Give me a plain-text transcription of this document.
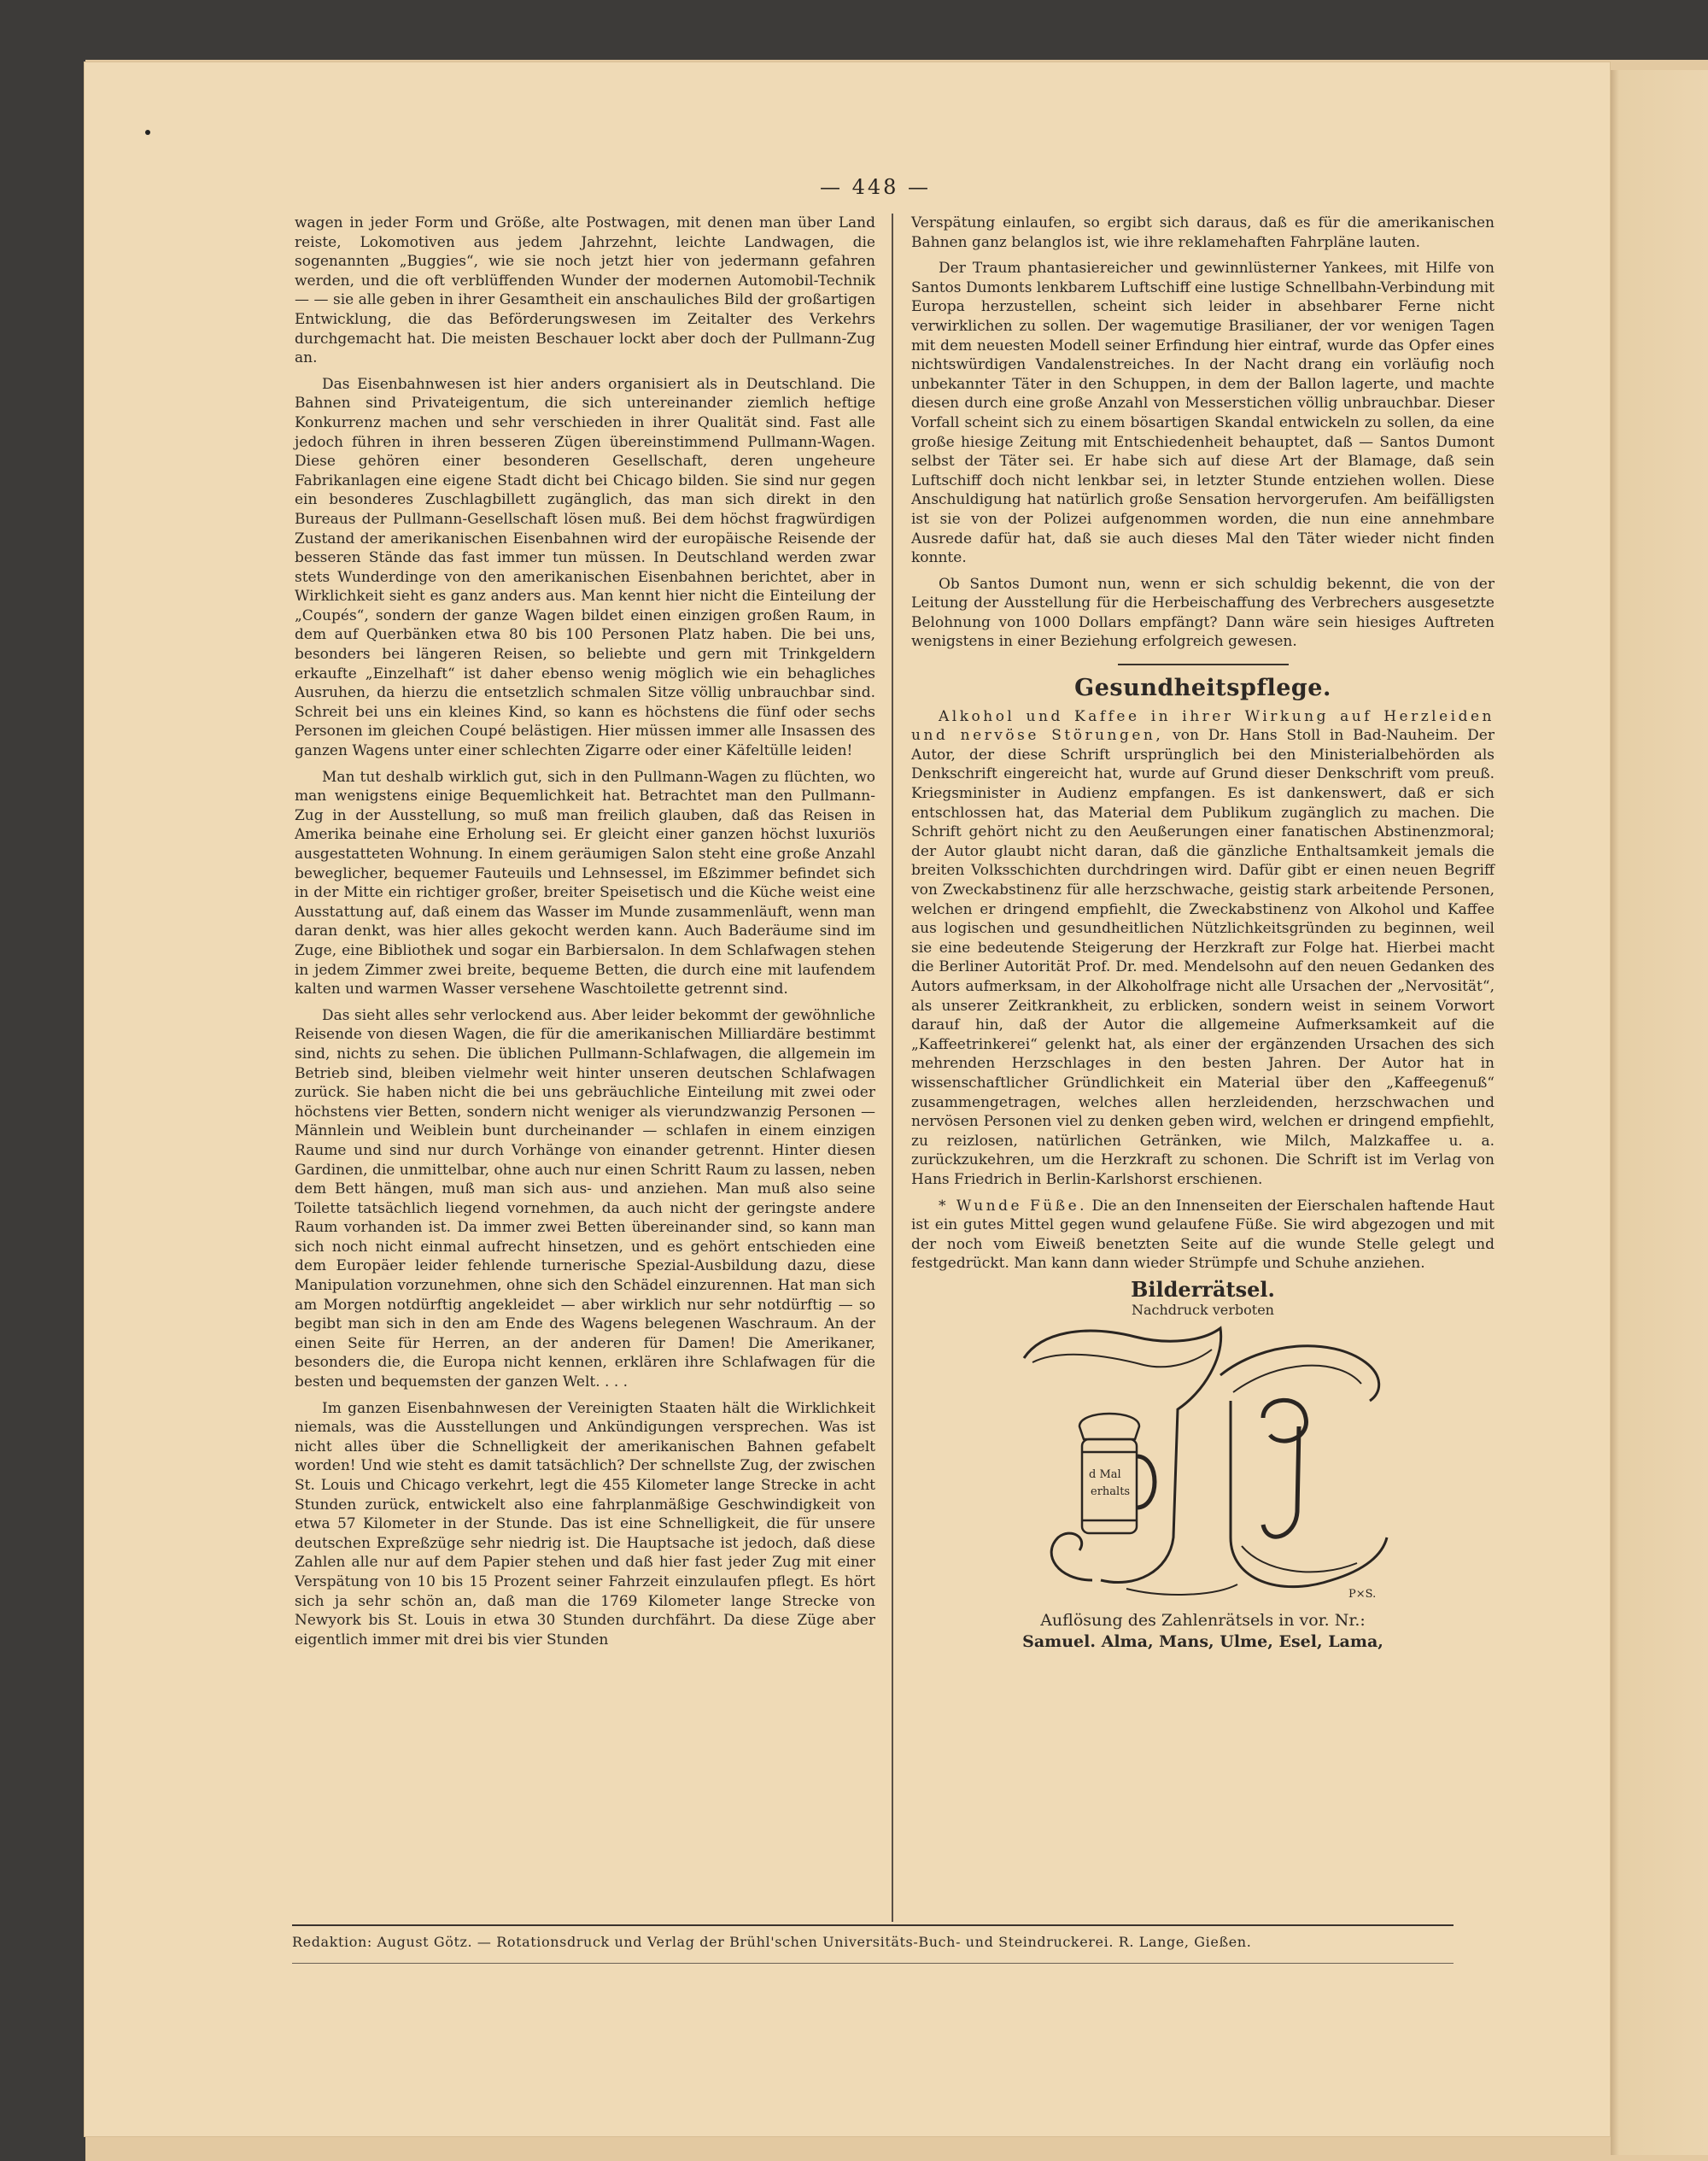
— 448 —

wagen in jeder Form und Größe, alte Postwagen, mit denen man über Land reiste, Lokomotiven aus jedem Jahrzehnt, leichte Landwagen, die sogenannten „Buggies“, wie sie noch jetzt hier von jedermann gefahren werden, und die oft verblüffenden Wunder der modernen Automobil-Technik — — sie alle geben in ihrer Gesamtheit ein anschauliches Bild der großartigen Entwicklung, die das Beförderungswesen im Zeitalter des Verkehrs durchgemacht hat. Die meisten Beschauer lockt aber doch der Pullmann-Zug an.

Das Eisenbahnwesen ist hier anders organisiert als in Deutschland. Die Bahnen sind Privateigentum, die sich untereinander ziemlich heftige Konkurrenz machen und sehr verschieden in ihrer Qualität sind. Fast alle jedoch führen in ihren besseren Zügen übereinstimmend Pullmann-Wagen. Diese gehören einer besonderen Gesellschaft, deren ungeheure Fabrikanlagen eine eigene Stadt dicht bei Chicago bilden. Sie sind nur gegen ein besonderes Zuschlagbillett zugänglich, das man sich direkt in den Bureaus der Pullmann-Gesellschaft lösen muß. Bei dem höchst fragwürdigen Zustand der amerikanischen Eisenbahnen wird der europäische Reisende der besseren Stände das fast immer tun müssen. In Deutschland werden zwar stets Wunderdinge von den amerikanischen Eisenbahnen berichtet, aber in Wirklichkeit sieht es ganz anders aus. Man kennt hier nicht die Einteilung der „Coupés“, sondern der ganze Wagen bildet einen einzigen großen Raum, in dem auf Querbänken etwa 80 bis 100 Personen Platz haben. Die bei uns, besonders bei längeren Reisen, so beliebte und gern mit Trinkgeldern erkaufte „Einzelhaft“ ist daher ebenso wenig möglich wie ein behagliches Ausruhen, da hierzu die entsetzlich schmalen Sitze völlig unbrauchbar sind. Schreit bei uns ein kleines Kind, so kann es höchstens die fünf oder sechs Personen im gleichen Coupé belästigen. Hier müssen immer alle Insassen des ganzen Wagens unter einer schlechten Zigarre oder einer Käfeltülle leiden!

Man tut deshalb wirklich gut, sich in den Pullmann-Wagen zu flüchten, wo man wenigstens einige Bequemlichkeit hat. Betrachtet man den Pullmann-Zug in der Ausstellung, so muß man freilich glauben, daß das Reisen in Amerika beinahe eine Erholung sei. Er gleicht einer ganzen höchst luxuriös ausgestatteten Wohnung. In einem geräumigen Salon steht eine große Anzahl beweglicher, bequemer Fauteuils und Lehnsessel, im Eßzimmer befindet sich in der Mitte ein richtiger großer, breiter Speisetisch und die Küche weist eine Ausstattung auf, daß einem das Wasser im Munde zusammenläuft, wenn man daran denkt, was hier alles gekocht werden kann. Auch Baderäume sind im Zuge, eine Bibliothek und sogar ein Barbiersalon. In dem Schlafwagen stehen in jedem Zimmer zwei breite, bequeme Betten, die durch eine mit laufendem kalten und warmen Wasser versehene Waschtoilette getrennt sind.

Das sieht alles sehr verlockend aus. Aber leider bekommt der gewöhnliche Reisende von diesen Wagen, die für die amerikanischen Milliardäre bestimmt sind, nichts zu sehen. Die üblichen Pullmann-Schlafwagen, die allgemein im Betrieb sind, bleiben vielmehr weit hinter unseren deutschen Schlafwagen zurück. Sie haben nicht die bei uns gebräuchliche Einteilung mit zwei oder höchstens vier Betten, sondern nicht weniger als vierundzwanzig Personen — Männlein und Weiblein bunt durcheinander — schlafen in einem einzigen Raume und sind nur durch Vorhänge von einander getrennt. Hinter diesen Gardinen, die unmittelbar, ohne auch nur einen Schritt Raum zu lassen, neben dem Bett hängen, muß man sich aus- und anziehen. Man muß also seine Toilette tatsächlich liegend vornehmen, da auch nicht der geringste andere Raum vorhanden ist. Da immer zwei Betten übereinander sind, so kann man sich noch nicht einmal aufrecht hinsetzen, und es gehört entschieden eine dem Europäer leider fehlende turnerische Spezial-Ausbildung dazu, diese Manipulation vorzunehmen, ohne sich den Schädel einzurennen. Hat man sich am Morgen notdürftig angekleidet — aber wirklich nur sehr notdürftig — so begibt man sich in den am Ende des Wagens belegenen Waschraum. An der einen Seite für Herren, an der anderen für Damen! Die Amerikaner, besonders die, die Europa nicht kennen, erklären ihre Schlafwagen für die besten und bequemsten der ganzen Welt. . . .

Im ganzen Eisenbahnwesen der Vereinigten Staaten hält die Wirklichkeit niemals, was die Ausstellungen und Ankündigungen versprechen. Was ist nicht alles über die Schnelligkeit der amerikanischen Bahnen gefabelt worden! Und wie steht es damit tatsächlich? Der schnellste Zug, der zwischen St. Louis und Chicago verkehrt, legt die 455 Kilometer lange Strecke in acht Stunden zurück, entwickelt also eine fahrplanmäßige Geschwindigkeit von etwa 57 Kilometer in der Stunde. Das ist eine Schnelligkeit, die für unsere deutschen Expreßzüge sehr niedrig ist. Die Hauptsache ist jedoch, daß diese Zahlen alle nur auf dem Papier stehen und daß hier fast jeder Zug mit einer Verspätung von 10 bis 15 Prozent seiner Fahrzeit einzulaufen pflegt. Es hört sich ja sehr schön an, daß man die 1769 Kilometer lange Strecke von Newyork bis St. Louis in etwa 30 Stunden durchfährt. Da diese Züge aber eigentlich immer mit drei bis vier Stunden

Verspätung einlaufen, so ergibt sich daraus, daß es für die amerikanischen Bahnen ganz belanglos ist, wie ihre reklamehaften Fahrpläne lauten.

Der Traum phantasiereicher und gewinnlüsterner Yankees, mit Hilfe von Santos Dumonts lenkbarem Luftschiff eine lustige Schnellbahn-Verbindung mit Europa herzustellen, scheint sich leider in absehbarer Ferne nicht verwirklichen zu sollen. Der wagemutige Brasilianer, der vor wenigen Tagen mit dem neuesten Modell seiner Erfindung hier eintraf, wurde das Opfer eines nichtswürdigen Vandalenstreiches. In der Nacht drang ein vorläufig noch unbekannter Täter in den Schuppen, in dem der Ballon lagerte, und machte diesen durch eine große Anzahl von Messerstichen völlig unbrauchbar. Dieser Vorfall scheint sich zu einem bösartigen Skandal entwickeln zu sollen, da eine große hiesige Zeitung mit Entschiedenheit behauptet, daß — Santos Dumont selbst der Täter sei. Er habe sich auf diese Art der Blamage, daß sein Luftschiff doch nicht lenkbar sei, in letzter Stunde entziehen wollen. Diese Anschuldigung hat natürlich große Sensation hervorgerufen. Am beifälligsten ist sie von der Polizei aufgenommen worden, die nun eine annehmbare Ausrede dafür hat, daß sie auch dieses Mal den Täter wieder nicht finden konnte.

Ob Santos Dumont nun, wenn er sich schuldig bekennt, die von der Leitung der Ausstellung für die Herbeischaffung des Verbrechers ausgesetzte Belohnung von 1000 Dollars empfängt? Dann wäre sein hiesiges Auftreten wenigstens in einer Beziehung erfolgreich gewesen.

Gesundheitspflege.

Alkohol und Kaffee in ihrer Wirkung auf Herzleiden und nervöse Störungen, von Dr. Hans Stoll in Bad-Nauheim. Der Autor, der diese Schrift ursprünglich bei den Ministerialbehörden als Denkschrift eingereicht hat, wurde auf Grund dieser Denkschrift vom preuß. Kriegsminister in Audienz empfangen. Es ist dankenswert, daß er sich entschlossen hat, das Material dem Publikum zugänglich zu machen. Die Schrift gehört nicht zu den Aeußerungen einer fanatischen Abstinenzmoral; der Autor glaubt nicht daran, daß die gänzliche Enthaltsamkeit jemals die breiten Volksschichten durchdringen wird. Dafür gibt er einen neuen Begriff von Zweckabstinenz für alle herzschwache, geistig stark arbeitende Personen, welchen er dringend empfiehlt, die Zweckabstinenz von Alkohol und Kaffee aus logischen und gesundheitlichen Nützlichkeitsgründen zu beginnen, weil sie eine bedeutende Steigerung der Herzkraft zur Folge hat. Hierbei macht die Berliner Autorität Prof. Dr. med. Mendelsohn auf den neuen Gedanken des Autors aufmerksam, in der Alkoholfrage nicht alle Ursachen der „Nervosität“, als unserer Zeitkrankheit, zu erblicken, sondern weist in seinem Vorwort darauf hin, daß der Autor die allgemeine Aufmerksamkeit auf die „Kaffeetrinkerei“ gelenkt hat, als einer der ergänzenden Ursachen des sich mehrenden Herzschlages in den besten Jahren. Der Autor hat in wissenschaftlicher Gründlichkeit ein Material über den „Kaffeegenuß“ zusammengetragen, welches allen herzleidenden, herzschwachen und nervösen Personen viel zu denken geben wird, welchen er dringend empfiehlt, zu reizlosen, natürlichen Getränken, wie Milch, Malzkaffee u. a. zurückzukehren, um die Herzkraft zu schonen. Die Schrift ist im Verlag von Hans Friedrich in Berlin-Karlshorst erschienen.

* Wunde Füße. Die an den Innenseiten der Eierschalen haftende Haut ist ein gutes Mittel gegen wund gelaufene Füße. Sie wird abgezogen und mit der noch vom Eiweiß benetzten Seite auf die wunde Stelle gelegt und festgedrückt. Man kann dann wieder Strümpfe und Schuhe anziehen.

Bilderrätsel.
Nachdruck verboten
d Mal
erhalts
P×S.
Auflösung des Zahlenrätsels in vor. Nr.:
Samuel. Alma, Mans, Ulme, Esel, Lama,
Redaktion: August Götz. — Rotationsdruck und Verlag der Brühl'schen Universitäts-Buch- und Steindruckerei. R. Lange, Gießen.
